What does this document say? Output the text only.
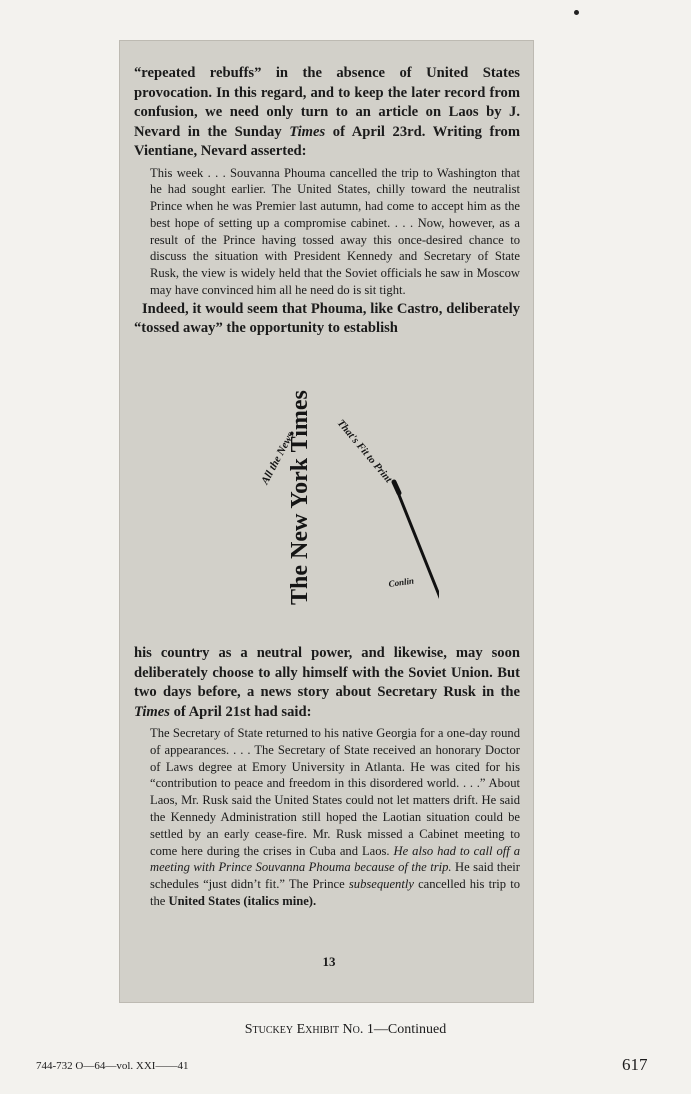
“repeated rebuffs” in the absence of United States provocation. In this regard, and to keep the later record from confusion, we need only turn to an article on Laos by J. Nevard in the Sunday Times of April 23rd. Writing from Vientiane, Nevard asserted:

This week . . . Souvanna Phouma cancelled the trip to Washington that he had sought earlier. The United States, chilly toward the neutralist Prince when he was Premier last autumn, had come to accept him as the best hope of setting up a compromise cabinet. . . . Now, however, as a result of the Prince having tossed away this once-desired chance to discuss the situation with President Kennedy and Secretary of State Rusk, the view is widely held that the Soviet officials he saw in Moscow may have convinced him all he need do is sit tight.

Indeed, it would seem that Phouma, like Castro, deliberately “tossed away” the opportunity to establish

The New York Times
All the News	That's Fit to Print
Conlin

his country as a neutral power, and likewise, may soon deliberately choose to ally himself with the Soviet Union. But two days before, a news story about Secretary Rusk in the Times of April 21st had said:

The Secretary of State returned to his native Georgia for a one-day round of appearances. . . . The Secretary of State received an honorary Doctor of Laws degree at Emory University in Atlanta. He was cited for his “contribution to peace and freedom in this disordered world. . . .” About Laos, Mr. Rusk said the United States could not let matters drift. He said the Kennedy Administration still hoped the Laotian situation could be settled by an early cease-fire. Mr. Rusk missed a Cabinet meeting to come here during the crises in Cuba and Laos. He also had to call off a meeting with Prince Souvanna Phouma because of the trip. He said their schedules “just didn’t fit.” The Prince subsequently cancelled his trip to the United States (italics mine).

13
Stuckey Exhibit No. 1—Continued
744-732 O—64—vol. XXI——41	617
